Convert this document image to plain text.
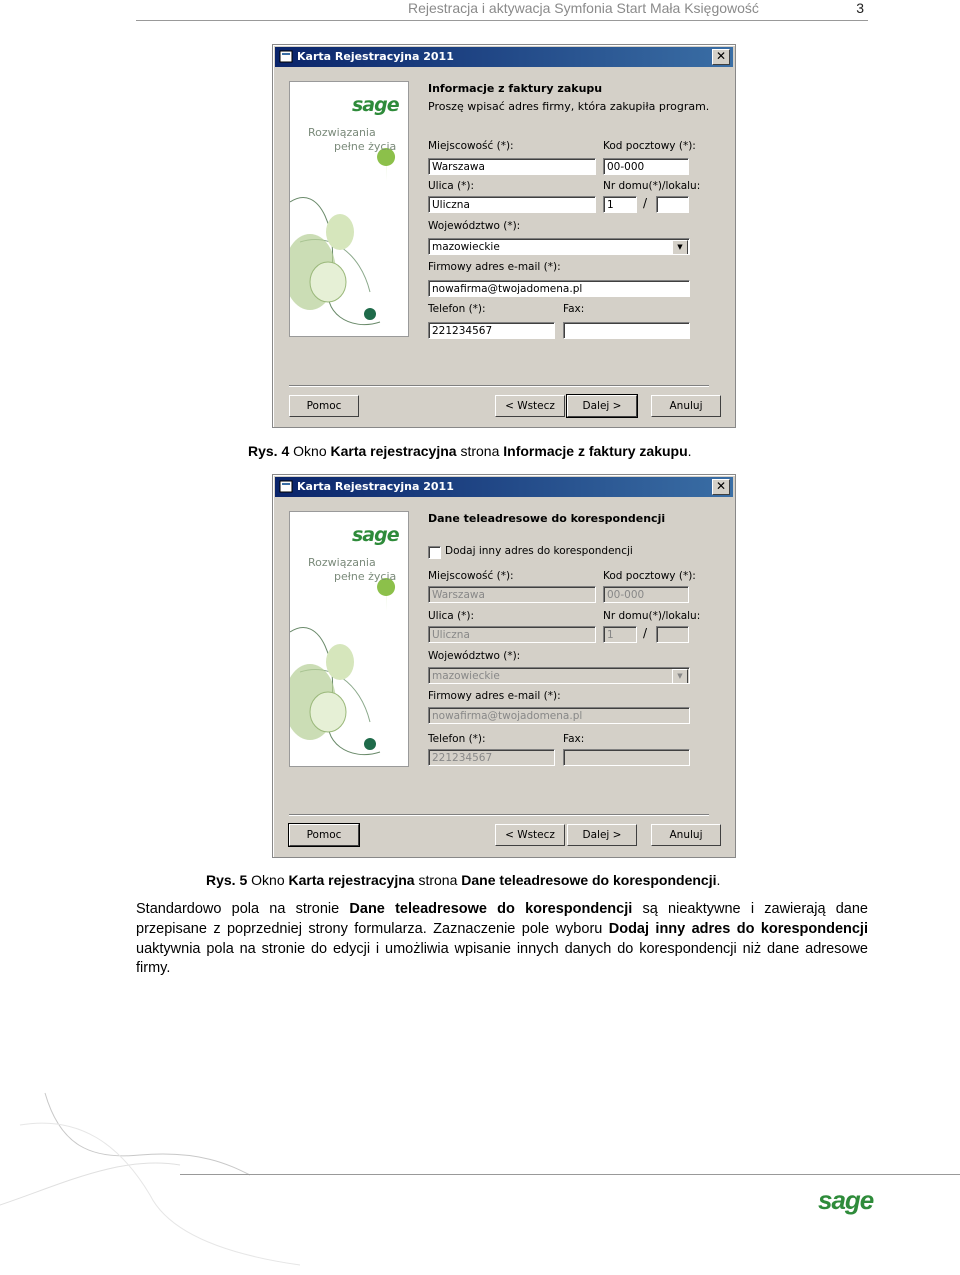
Rejestracja i aktywacja Symfonia Start Mała Księgowość	3
Karta Rejestracyjna 2011	✕
sage
Rozwiązania
pełne życia
Informacje z faktury zakupu
Proszę wpisać adres firmy, która zakupiła program.
Miejscowość (*):	Kod pocztowy (*):
Warszawa	00-000
Ulica (*):	Nr domu(*)/lokalu:
Uliczna	1	/
Województwo (*):
mazowieckie	▼
Firmowy adres e-mail (*):
nowafirma@twojadomena.pl
Telefon (*):	Fax:
221234567
Pomoc	< Wstecz	Dalej >	Anuluj
Rys. 4 Okno Karta rejestracyjna strona Informacje z faktury zakupu.
Karta Rejestracyjna 2011	✕
sage
Rozwiązania
pełne życia
Dane teleadresowe do korespondencji
Dodaj inny adres do korespondencji
Miejscowość (*):	Kod pocztowy (*):
Warszawa	00-000
Ulica (*):	Nr domu(*)/lokalu:
Uliczna	1	/
Województwo (*):
mazowieckie	▼
Firmowy adres e-mail (*):
nowafirma@twojadomena.pl
Telefon (*):	Fax:
221234567
Pomoc	< Wstecz	Dalej >	Anuluj
Rys. 5 Okno Karta rejestracyjna strona Dane teleadresowe do korespondencji.

Standardowo pola na stronie Dane teleadresowe do korespondencji są nieaktywne i zawierają dane przepisane z poprzedniej strony formularza. Zaznaczenie pole wyboru Dodaj inny adres do korespondencji uaktywnia pola na stronie do edycji i umożliwia wpisanie innych danych do korespondencji niż dane adresowe firmy.

sage
